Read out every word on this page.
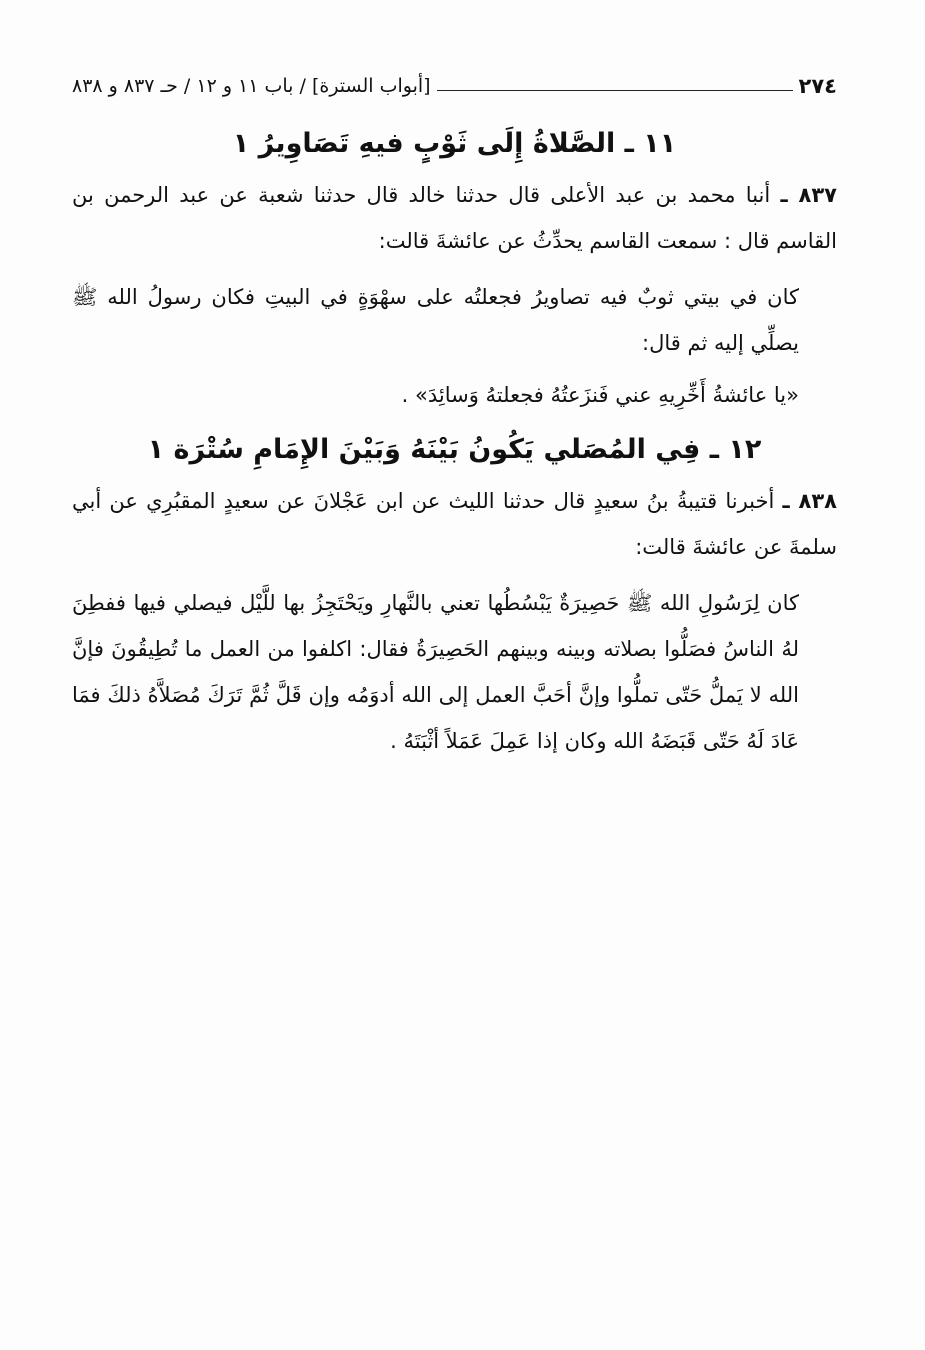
٢٧٤
[أبواب السترة] / باب ١١ و ١٢ / حـ ٨٣٧ و ٨٣٨
١١ ـ الصَّلاةُ إِلَى ثَوْبٍ فيهِ تَصَاوِيرُ ١

٨٣٧ ـ أنبا محمد بن عبد الأعلى قال حدثنا خالد قال حدثنا شعبة عن عبد الرحمن بن القاسم قال : سمعت القاسم يحدِّثُ عن عائشةَ قالت:

كان في بيتي ثوبٌ فيه تصاويرُ فجعلتُه على سهْوَةٍ في البيتِ فكان رسولُ الله ﷺ يصلِّي إليه ثم قال:

«يا عائشةُ أَخِّرِيهِ عني فَنزَعتُهُ فجعلتهُ وَسائِدَ» .

١٢ ـ فِي المُصَلي يَكُونُ بَيْنَهُ وَبَيْنَ الإِمَامِ سُتْرَة ١

٨٣٨ ـ أخبرنا قتيبةُ بنُ سعيدٍ قال حدثنا الليث عن ابن عَجْلانَ عن سعيدٍ المقبُرِي عن أبي سلمةَ عن عائشةَ قالت:

كان لِرَسُولِ الله ﷺ حَصِيرَةٌ يَبْسُطُها تعني بالنَّهارِ ويَحْتَجِزُ بها للَّيْل فيصلي فيها ففطِنَ لهُ الناسُ فصَلُّوا بصلاته وبينه وبينهم الحَصِيرَةُ فقال: اكلفوا من العمل ما تُطِيقُونَ فإنَّ الله لا يَملُّ حَتّى تملُّوا وإنَّ أحَبَّ العمل إلى الله أدوَمُه وإن قَلَّ ثُمَّ تَرَكَ مُصَلاَّهُ ذلكَ فمَا عَادَ لَهُ حَتّى قَبَضَهُ الله وكان إذا عَمِلَ عَمَلاً أثْبَتَهُ .
